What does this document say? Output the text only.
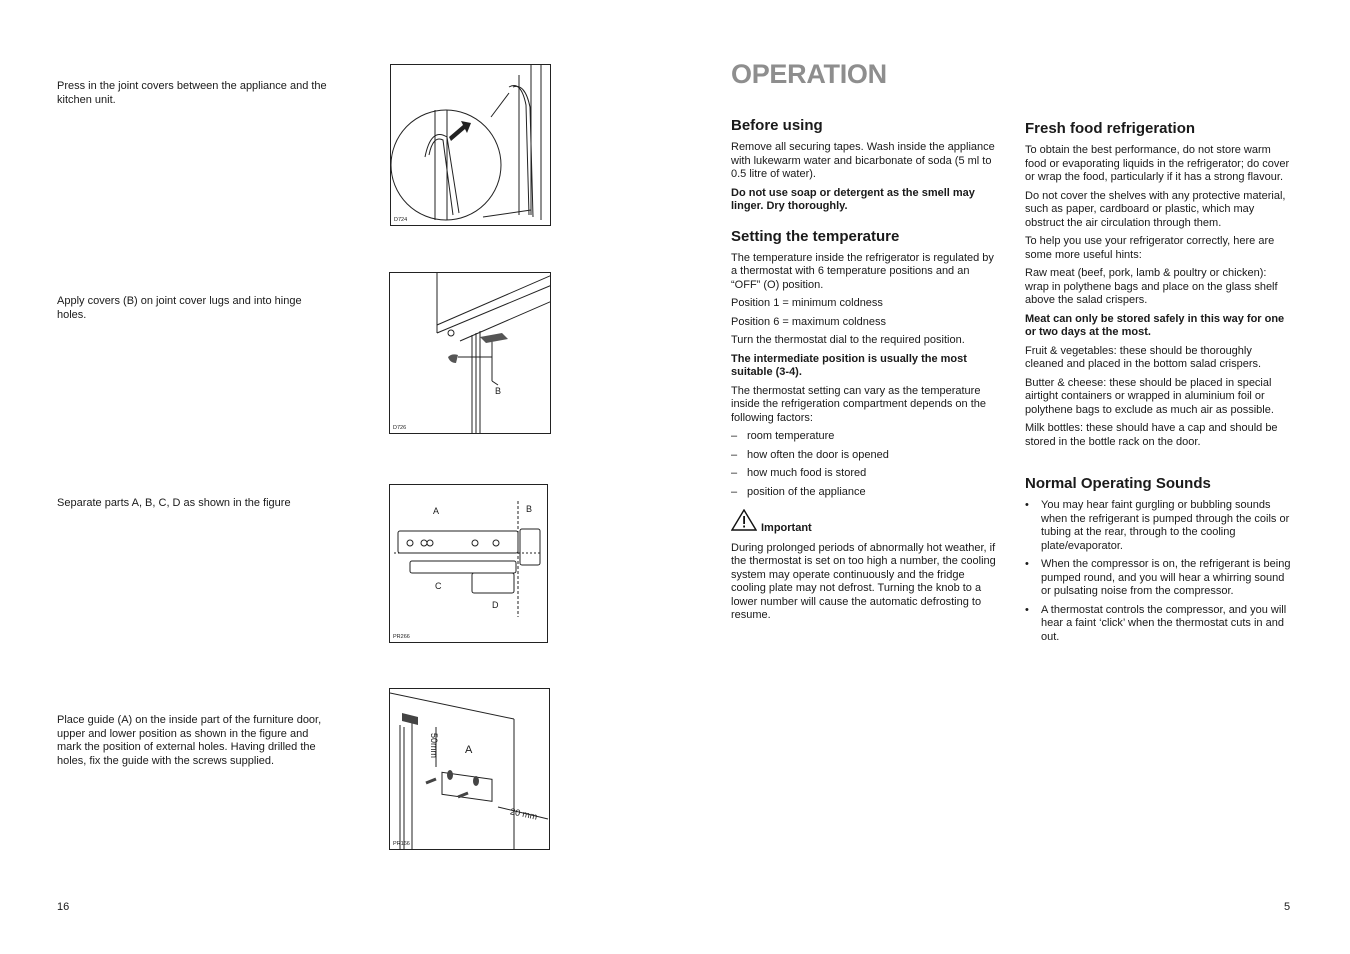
Press in the joint covers between the appliance and the kitchen unit.
Apply covers (B) on joint cover lugs and into hinge holes.
Separate parts A, B, C, D as shown in the figure
Place guide (A) on the inside part of the furniture door, upper and lower position as shown in the figure and mark the position of external holes. Having drilled the holes, fix the guide with the screws supplied.
D724
B
D726
A	B
C
D
PR266
50mm A
20 mm
PR166
16
OPERATION
Before using

Remove all securing tapes. Wash inside the appliance with lukewarm water and bicarbonate of soda (5 ml to 0.5 litre of water).

Do not use soap or detergent as the smell may linger. Dry thoroughly.

Setting the temperature

The temperature inside the refrigerator is regulated by a thermostat with 6 temperature positions and an “OFF” (O) position.

Position 1 = minimum coldness

Position 6 = maximum coldness

Turn the thermostat dial to the required position.

The intermediate position is usually the most suitable (3-4).

The thermostat setting can vary as the temperature inside the refrigeration compartment depends on the following factors:

– room temperature
– how often the door is opened
– how much food is stored
– position of the appliance
Important

During prolonged periods of abnormally hot weather, if the thermostat is set on too high a number, the cooling system may operate continuously and the fridge cooling plate may not defrost. Turning the knob to a lower number will cause the automatic defrosting to resume.

Fresh food refrigeration

To obtain the best performance, do not store warm food or evaporating liquids in the refrigerator; do cover or wrap the food, particularly if it has a strong flavour.

Do not cover the shelves with any protective material, such as paper, cardboard or plastic, which may obstruct the air circulation through them.

To help you use your refrigerator correctly, here are some more useful hints:

Raw meat (beef, pork, lamb & poultry or chicken): wrap in polythene bags and place on the glass shelf above the salad crispers.

Meat can only be stored safely in this way for one or two days at the most.

Fruit & vegetables: these should be thoroughly cleaned and placed in the bottom salad crispers.

Butter & cheese: these should be placed in special airtight containers or wrapped in aluminium foil or polythene bags to exclude as much air as possible.

Milk bottles: these should have a cap and should be stored in the bottle rack on the door.

Normal Operating Sounds
• You may hear faint gurgling or bubbling sounds when the refrigerant is pumped through the coils or tubing at the rear, through to the cooling plate/evaporator.
• When the compressor is on, the refrigerant is being pumped round, and you will hear a whirring sound or pulsating noise from the compressor.
• A thermostat controls the compressor, and you will hear a faint ‘click’ when the thermostat cuts in and out.
5
